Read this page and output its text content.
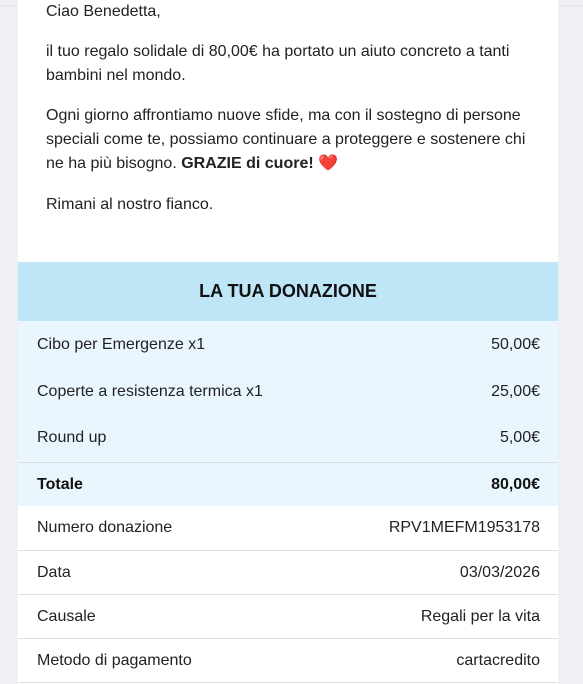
Ciao Benedetta,
il tuo regalo solidale di 80,00€ ha portato un aiuto concreto a tanti bambini nel mondo.
Ogni giorno affrontiamo nuove sfide, ma con il sostegno di persone speciali come te, possiamo continuare a proteggere e sostenere chi ne ha più bisogno. GRAZIE di cuore! ❤️
Rimani al nostro fianco.
LA TUA DONAZIONE
Cibo per Emergenze x1	50,00€
Coperte a resistenza termica x1	25,00€
Round up	5,00€
Totale	80,00€
Numero donazione	RPV1MEFM1953178
Data	03/03/2026
Causale	Regali per la vita
Metodo di pagamento	cartacredito
